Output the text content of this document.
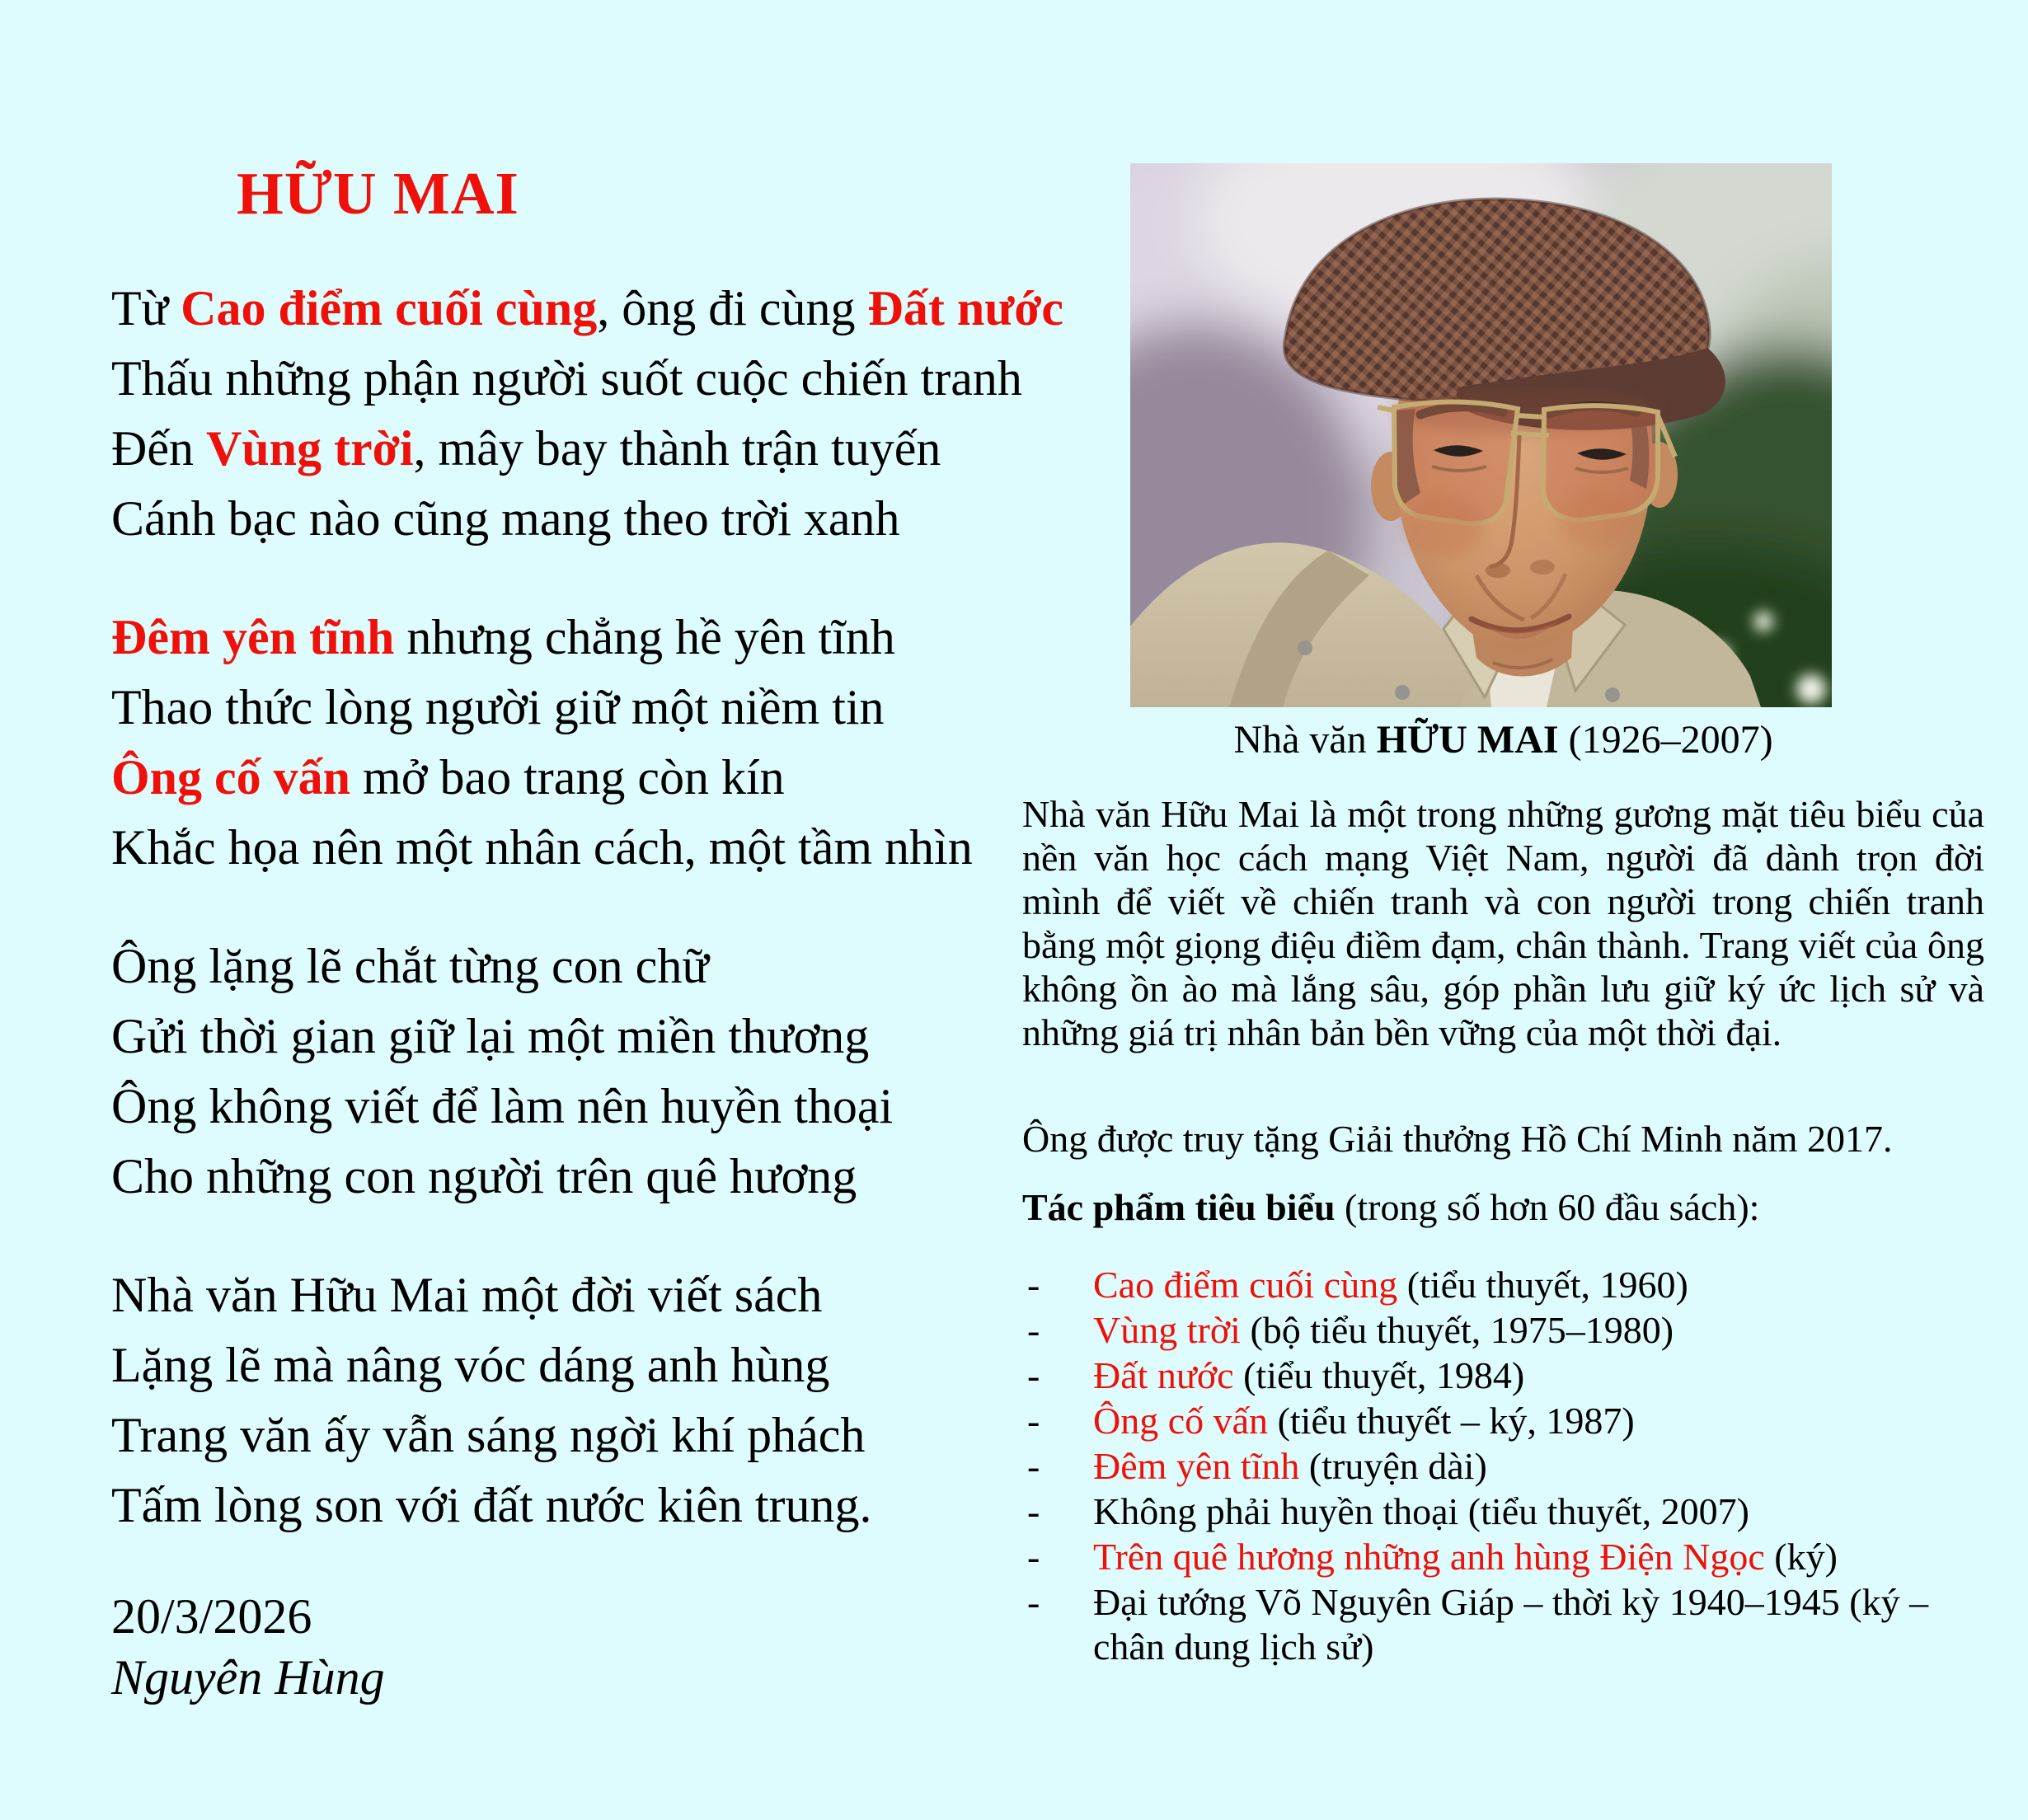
HỮU MAI

Từ Cao điểm cuối cùng, ông đi cùng Đất nước
Thấu những phận người suốt cuộc chiến tranh
Đến Vùng trời, mây bay thành trận tuyến
Cánh bạc nào cũng mang theo trời xanh

Đêm yên tĩnh nhưng chẳng hề yên tĩnh
Thao thức lòng người giữ một niềm tin
Ông cố vấn mở bao trang còn kín
Khắc họa nên một nhân cách, một tầm nhìn

Ông lặng lẽ chắt từng con chữ
Gửi thời gian giữ lại một miền thương
Ông không viết để làm nên huyền thoại
Cho những con người trên quê hương

Nhà văn Hữu Mai một đời viết sách
Lặng lẽ mà nâng vóc dáng anh hùng
Trang văn ấy vẫn sáng ngời khí phách
Tấm lòng son với đất nước kiên trung.

20/3/2026
Nguyên Hùng
Nhà văn HỮU MAI (1926–2007)
Nhà văn Hữu Mai là một trong những gương mặt tiêu biểu của nền văn học cách mạng Việt Nam, người đã dành trọn đời mình để viết về chiến tranh và con người trong chiến tranh bằng một giọng điệu điềm đạm, chân thành. Trang viết của ông không ồn ào mà lắng sâu, góp phần lưu giữ ký ức lịch sử và những giá trị nhân bản bền vững của một thời đại.
Ông được truy tặng Giải thưởng Hồ Chí Minh năm 2017.
Tác phẩm tiêu biểu (trong số hơn 60 đầu sách):
- Cao điểm cuối cùng (tiểu thuyết, 1960)
- Vùng trời (bộ tiểu thuyết, 1975–1980)
- Đất nước (tiểu thuyết, 1984)
- Ông cố vấn (tiểu thuyết – ký, 1987)
- Đêm yên tĩnh (truyện dài)
- Không phải huyền thoại (tiểu thuyết, 2007)
- Trên quê hương những anh hùng Điện Ngọc (ký)
- Đại tướng Võ Nguyên Giáp – thời kỳ 1940–1945 (ký – chân dung lịch sử)
